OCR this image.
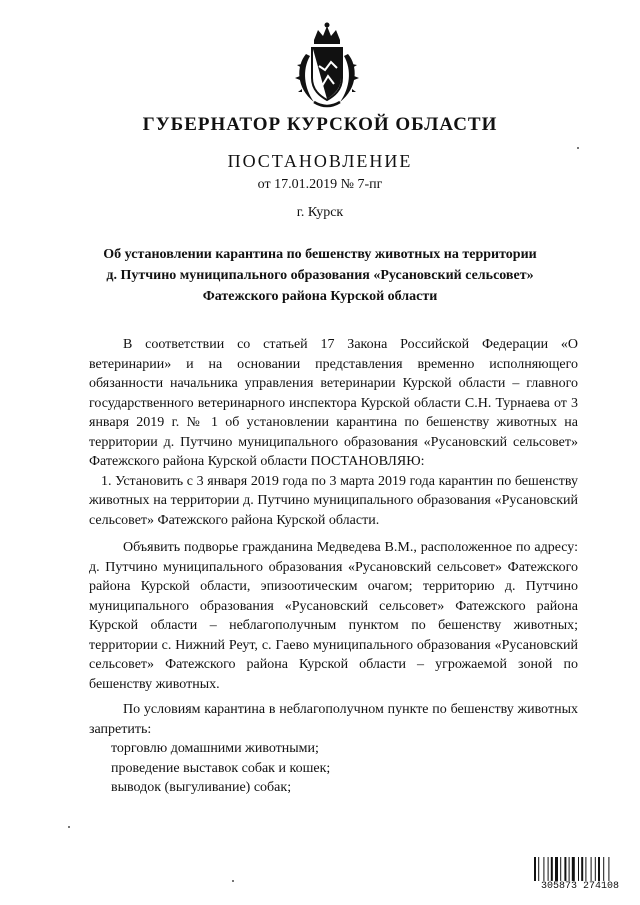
ГУБЕРНАТОР КУРСКОЙ ОБЛАСТИ
ПОСТАНОВЛЕНИЕ
от 17.01.2019 № 7-пг
г. Курск
Об установлении карантина по бешенству животных на территории
д. Путчино муниципального образования «Русановский сельсовет»
Фатежского района Курской области

В соответствии со статьей 17 Закона Российской Федерации «О ветеринарии» и на основании представления временно исполняющего обязанности начальника управления ветеринарии Курской области – главного государственного ветеринарного инспектора Курской области С.Н. Турнаева от 3 января 2019 г. № 1 об установлении карантина по бешенству животных на территории д. Путчино муниципального образования «Русановский сельсовет» Фатежского района Курской области ПОСТАНОВЛЯЮ:

1. Установить с 3 января 2019 года по 3 марта 2019 года карантин по бешенству животных на территории д. Путчино муниципального образования «Русановский сельсовет» Фатежского района Курской области.

Объявить подворье гражданина Медведева В.М., расположенное по адресу: д. Путчино муниципального образования «Русановский сельсовет» Фатежского района Курской области, эпизоотическим очагом; территорию д. Путчино муниципального образования «Русановский сельсовет» Фатежского района Курской области – неблагополучным пунктом по бешенству животных; территории с. Нижний Реут, с. Гаево муниципального образования «Русановский сельсовет» Фатежского района Курской области – угрожаемой зоной по бешенству животных.

По условиям карантина в неблагополучном пункте по бешенству животных запретить:

торговлю домашними животными;

проведение выставок собак и кошек;

выводок (выгуливание) собак;

305873 274108
